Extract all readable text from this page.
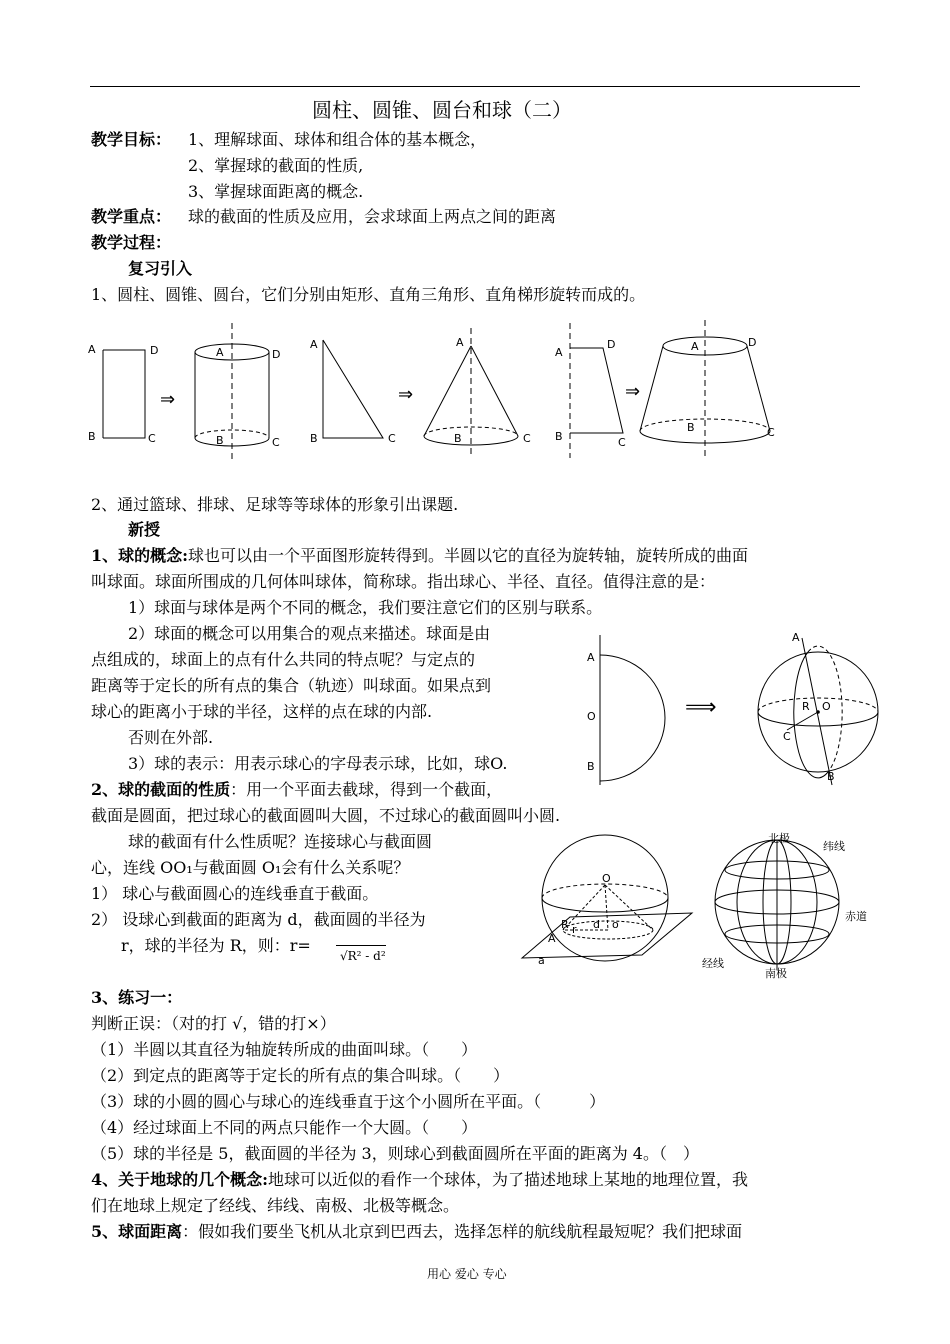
圆柱、圆锥、圆台和球（二）
教学目标： 1、理解球面、球体和组合体的基本概念，
2、掌握球的截面的性质,
3、掌握球面距离的概念.
教学重点： 球的截面的性质及应用，会求球面上两点之间的距离
教学过程：
复习引入
1、圆柱、圆锥、圆台，它们分别由矩形、直角三角形、直角梯形旋转而成的。
A	D
B	C
⇒
A	D
B	C
A
B	C
⇒
A
B	C
A
D
B	C
⇒
A	D
B	C
2、通过篮球、排球、足球等等球体的形象引出课题.
新授
1、球的概念:球也可以由一个平面图形旋转得到。半圆以它的直径为旋转轴，旋转所成的曲面
叫球面。球面所围成的几何体叫球体，简称球。指出球心、半径、直径。值得注意的是：
1）球面与球体是两个不同的概念，我们要注意它们的区别与联系。
2）球面的概念可以用集合的观点来描述。球面是由
点组成的，球面上的点有什么共同的特点呢？与定点的
距离等于定长的所有点的集合（轨迹）叫球面。如果点到
球心的距离小于球的半径，这样的点在球的内部.
否则在外部.
3）球的表示：用表示球心的字母表示球，比如，球O.
A
O
B
⟹
A
R O
C
B
2、球的截面的性质：用一个平面去截球，得到一个截面，
截面是圆面，把过球心的截面圆叫大圆，不过球心的截面圆叫小圆.
球的截面有什么性质呢？连接球心与截面圆
心，连线 OO₁与截面圆 O₁会有什么关系呢？
1） 球心与截面圆心的连线垂直于截面。
2） 设球心到截面的距离为 d，截面圆的半径为
r，球的半径为 R，则：r=
√R² - d²
O
R r d o
A
a
北极
南极
纬线
赤道
经线
3、练习一：
判断正误：（对的打 √，错的打×）
（1）半圆以其直径为轴旋转所成的曲面叫球。（　　）
（2）到定点的距离等于定长的所有点的集合叫球。（　　）
（3）球的小圆的圆心与球心的连线垂直于这个小圆所在平面。（　　　）
（4）经过球面上不同的两点只能作一个大圆。（　　）
（5）球的半径是 5，截面圆的半径为 3，则球心到截面圆所在平面的距离为 4。（　）
4、关于地球的几个概念:地球可以近似的看作一个球体，为了描述地球上某地的地理位置，我
们在地球上规定了经线、纬线、南极、北极等概念。
5、球面距离：假如我们要坐飞机从北京到巴西去，选择怎样的航线航程最短呢？我们把球面
用心 爱心 专心
